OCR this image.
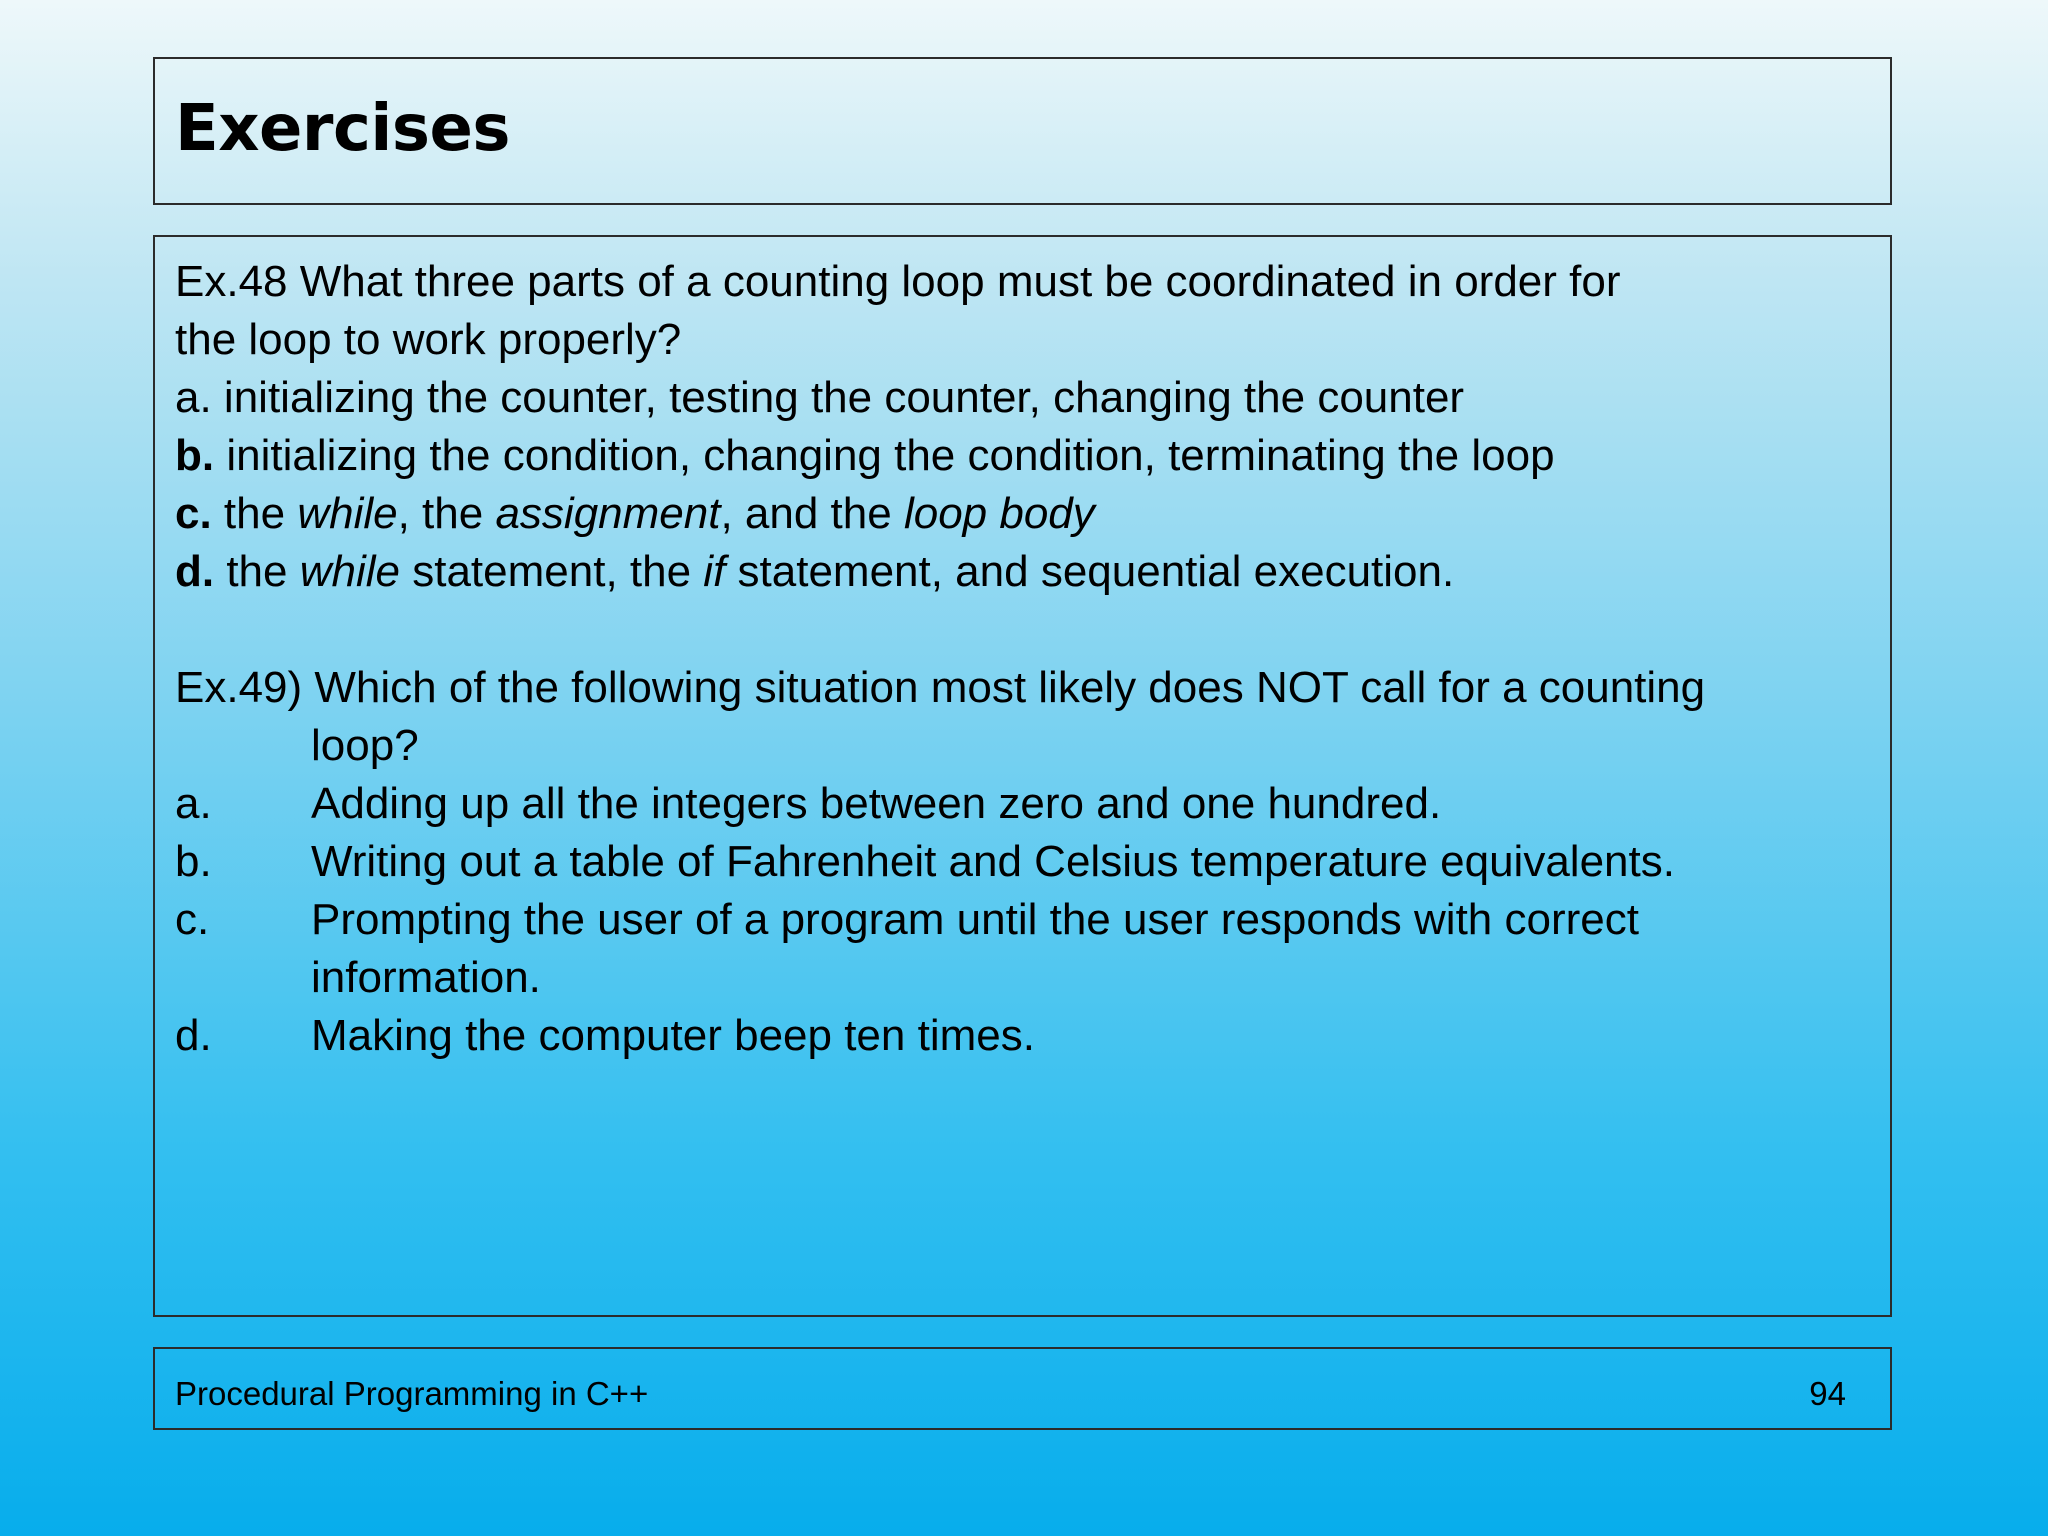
Exercises
Ex.48 What three parts of a counting loop must be coordinated in order for
the loop to work properly?
a. initializing the counter, testing the counter, changing the counter
b. initializing the condition, changing the condition, terminating the loop
c. the while, the assignment, and the loop body
d. the while statement, the if statement, and sequential execution.
Ex.49) Which of the following situation most likely does NOT call for a counting
loop?
a.	Adding up all the integers between zero and one hundred.
b.	Writing out a table of Fahrenheit and Celsius temperature equivalents.
c.	Prompting the user of a program until the user responds with correct
information.
d.	Making the computer beep ten times.
Procedural Programming in C++	94
